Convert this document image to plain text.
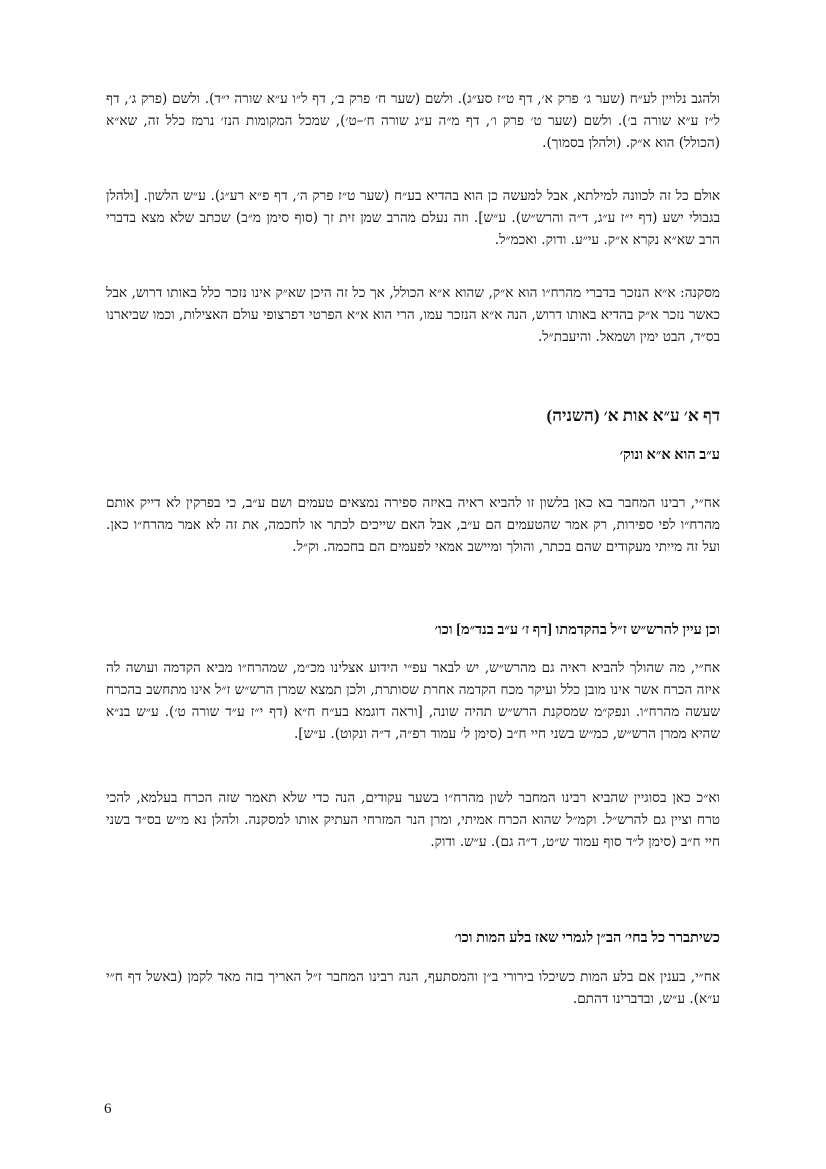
ולהגב נלויין לע״ח (שער ג׳ פרק א׳, דף ט״ז סע״ג). ולשם (שער ח׳ פרק ב׳, דף ל״ו ע״א שורה י״ד). ולשם (פרק ג׳, דף ל״ז ע״א שורה ב׳). ולשם (שער ט׳ פרק ו׳, דף מ״ה ע״ג שורה ח׳–ט׳), שמכל המקומות הנז׳ נרמז כלל זה, שא״א (הכולל) הוא א״ק. (ולהלן בסמוך).

אולם כל זה לכוונה למילתא, אבל למעשה כן הוא בהדיא בע״ח (שער ט״ז פרק ה׳, דף פ״א רע״ג). ע״ש הלשון. [ולהלן בגבולי ישע (דף י״ז ע״ג, ד״ה והרש״ש). ע״ש]. וזה נעלם מהרב שמן זית זך (סוף סימן מ״ב) שכתב שלא מצא בדברי הרב שא״א נקרא א״ק. עי״ע. ודוק. ואכמ״ל.

מסקנה: א״א הנזכר בדברי מהרח״ו הוא א״ק, שהוא א״א הכולל, אך כל זה היכן שא״ק אינו נזכר כלל באותו דרוש, אבל כאשר נזכר א״ק בהדיא באותו דרוש, הנה א״א הנזכר עמו, הרי הוא א״א הפרטי דפרצופי עולם האצילות, וכמו שביארנו בס״ד, הבט ימין ושמאל. והיעבת״ל.

דף א׳ ע״א אות א׳ (השניה)
ע״ב הוא א״א ונוק׳

אח״י, רבינו המחבר בא כאן בלשון זו להביא ראיה באיזה ספירה נמצאים טעמים ושם ע״ב, כי בפרקין לא דייק אותם מהרח״ו לפי ספירות, רק אמר שהטעמים הם ע״ב, אבל האם שייכים לכתר או לחכמה, את זה לא אמר מהרח״ו כאן. ועל זה מייתי מעקודים שהם בכתר, והולך ומיישב אמאי לפעמים הם בחכמה. וק״ל.

וכן עיין להרש״ש ז״ל בהקדמתו [דף ז׳ ע״ב בנד״מ] וכו׳

אח״י, מה שהולך להביא ראיה גם מהרש״ש, יש לבאר עפ״י הידוע אצלינו מכ״מ, שמהרח״ו מביא הקדמה ועושה לה איזה הכרח אשר אינו מובן כלל ועיקר מכח הקדמה אחרת שסותרת, ולכן תמצא שמרן הרש״ש ז״ל אינו מתחשב בהכרח שעשה מהרח״ו. ונפק״מ שמסקנת הרש״ש תהיה שונה, [וראה דוגמא בע״ח ח״א (דף י״ז ע״ד שורה ט׳). ע״ש בנ״א שהיא ממרן הרש״ש, כמ״ש בשני חיי ח״ב (סימן ל׳ עמוד רפ״ה, ד״ה ונקוט). ע״ש].

וא״כ כאן בסוגיין שהביא רבינו המחבר לשון מהרח״ו בשער עקודים, הנה כדי שלא תאמר שזה הכרח בעלמא, להכי טרח וציין גם להרש״ל. וקמ״ל שהוא הכרח אמיתי, ומרן הנר המזרחי העתיק אותו למסקנה. ולהלן נא מ״ש בס״ד בשני חיי ח״ב (סימן ל״ד סוף עמוד ש״ט, ד״ה גם). ע״ש. ודוק.

כשיתברר כל בחי׳ הב״ן לגמרי שאז בלע המות וכו׳

אח״י, בענין אם בלע המות כשיכלו בירורי ב״ן והמסתעף, הנה רבינו המחבר ז״ל האריך בזה מאד לקמן (באשל דף ח״י ע״א). ע״ש, ובדברינו דהתם.

6
